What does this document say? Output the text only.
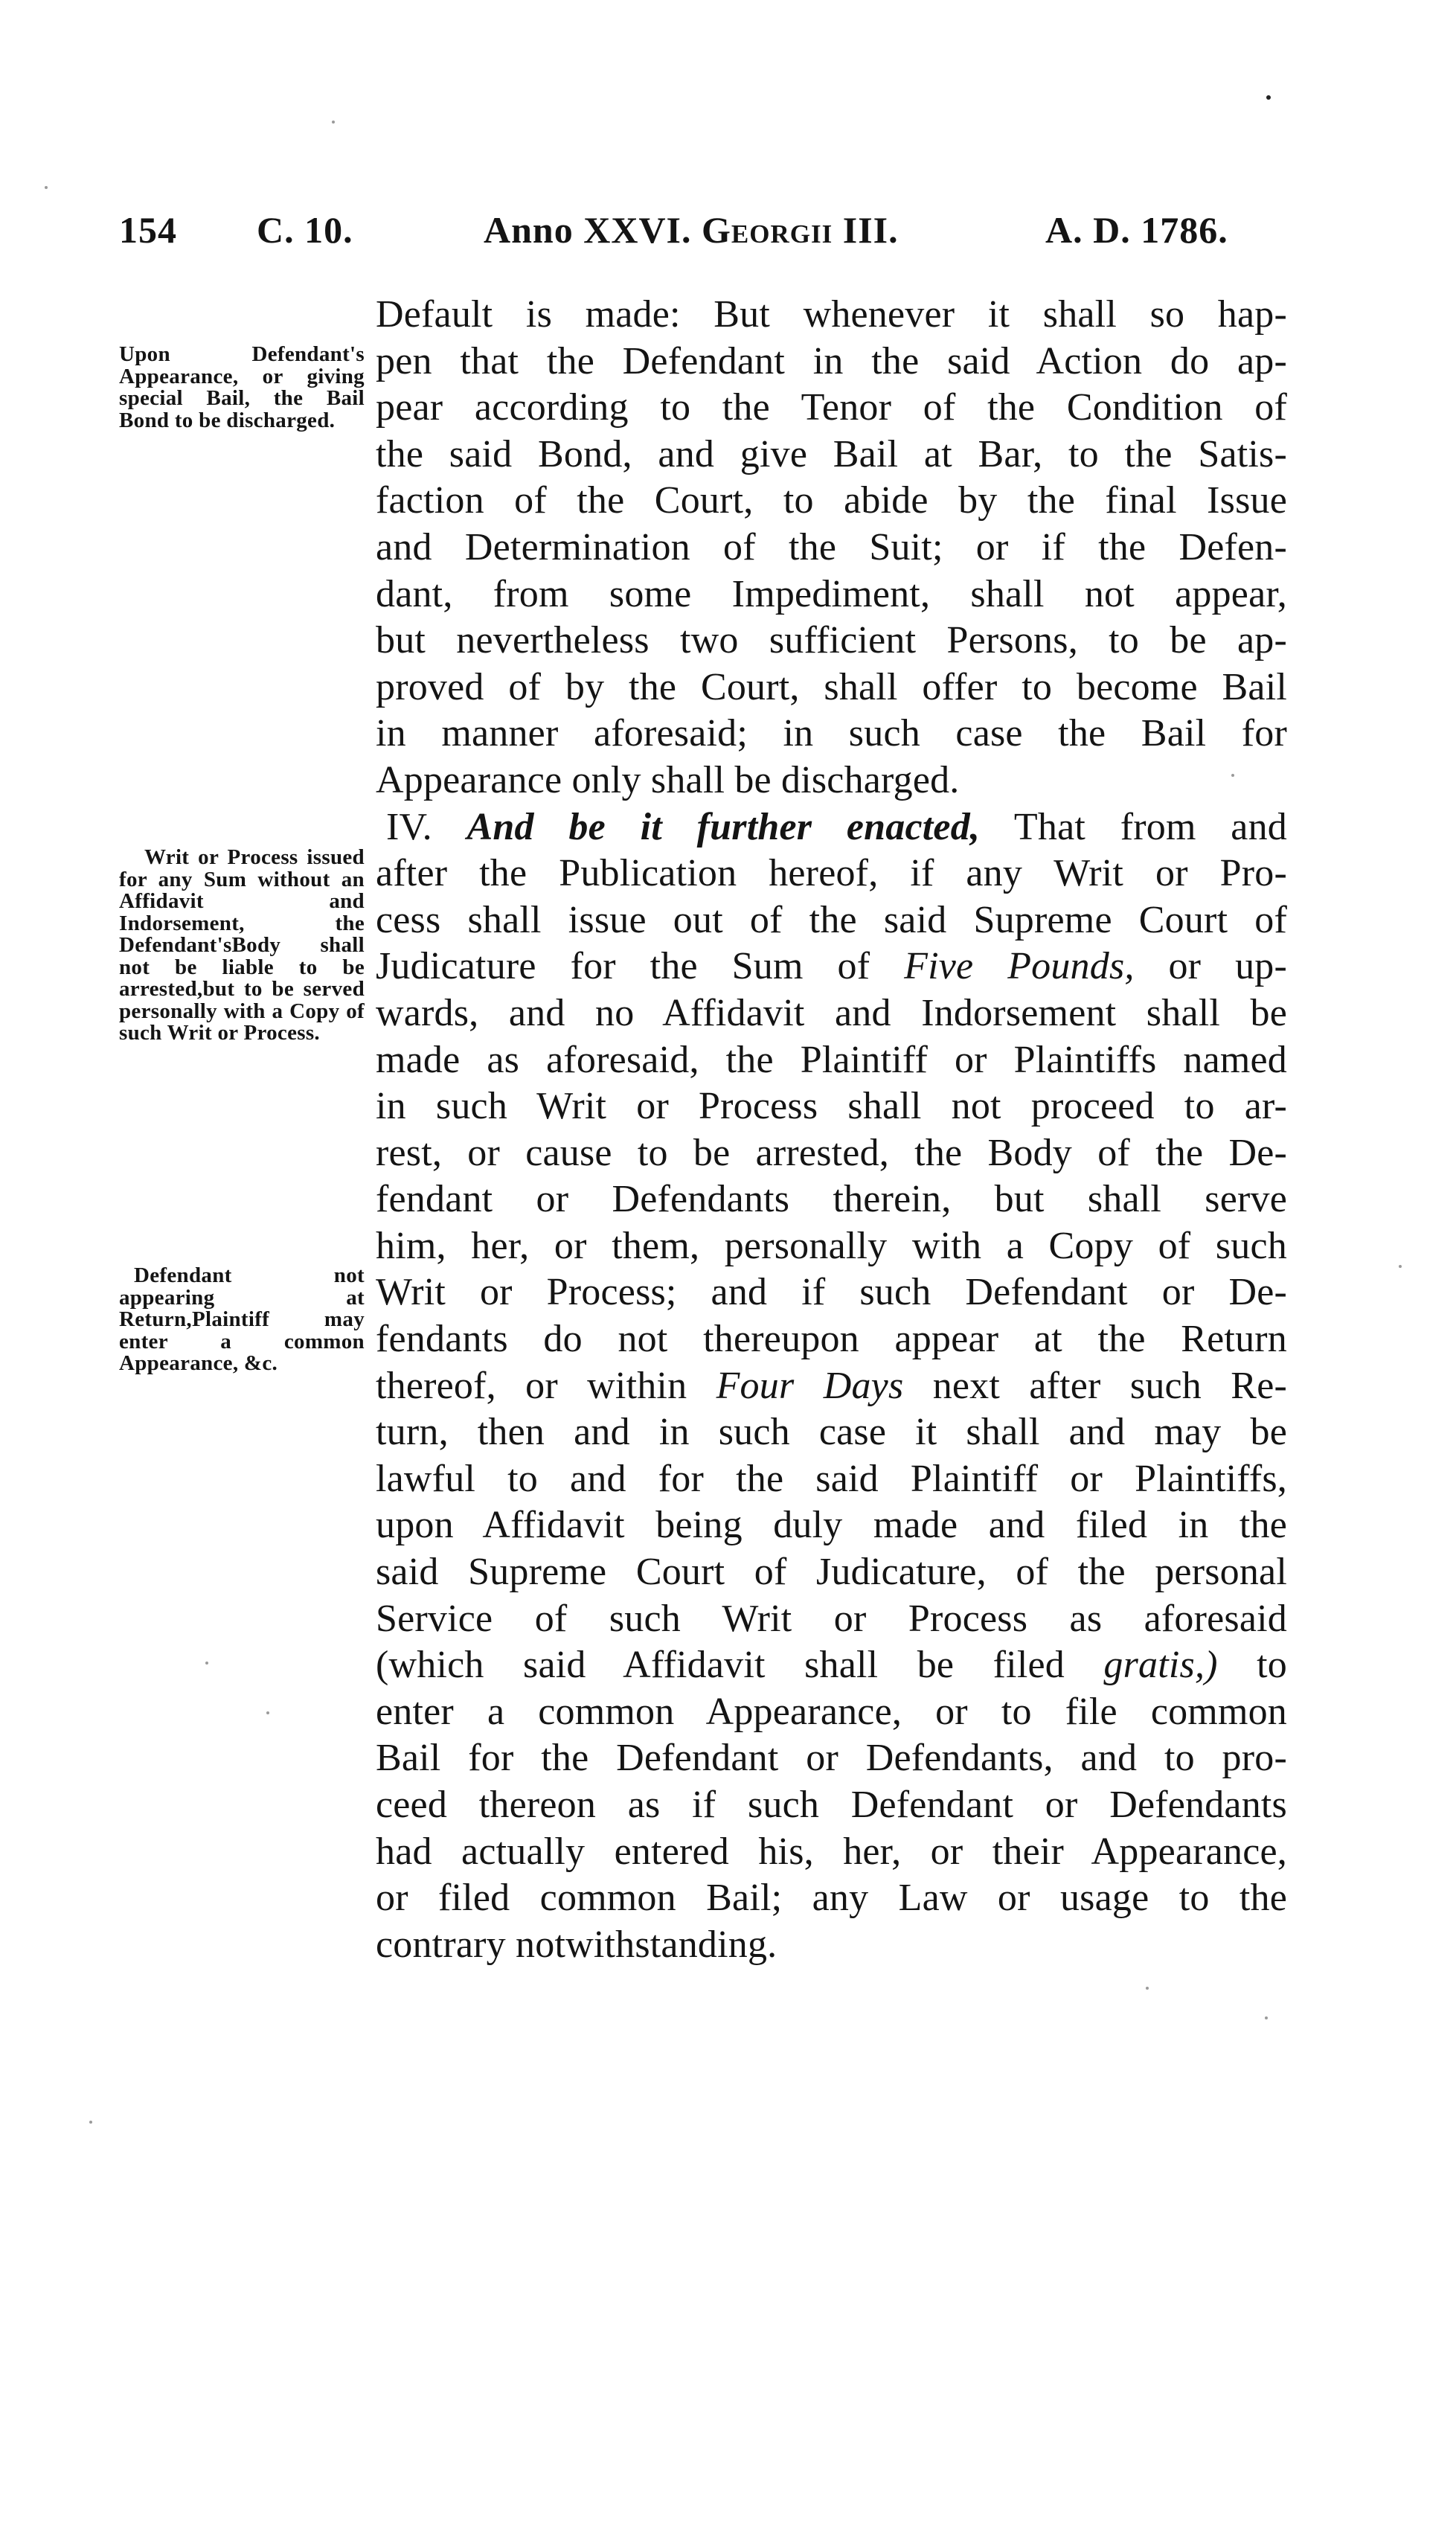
154 C. 10.	Anno XXVI. Georgii III.	A. D. 1786.
Upon Defendant's Appearance, or giving special Bail, the Bail Bond to be discharged.
Writ or Process issued for any Sum without an Affidavit and Indorsement, the Defendant'sBody shall not be liable to be arrested,but to be served personally with a Copy of such Writ or Process.
Defendant not appearing at Return,Plaintiff may enter a common Appearance, &c.
Default is made: But whenever it shall so hap-
pen that the Defendant in the said Action do ap-
pear according to the Tenor of the Condition of
the said Bond, and give Bail at Bar, to the Satis-
faction of the Court, to abide by the final Issue
and Determination of the Suit; or if the Defen-
dant, from some Impediment, shall not appear,
but nevertheless two sufficient Persons, to be ap-
proved of by the Court, shall offer to become Bail
in manner aforesaid; in such case the Bail for
Appearance only shall be discharged.
IV. And be it further enacted, That from and
after the Publication hereof, if any Writ or Pro-
cess shall issue out of the said Supreme Court of
Judicature for the Sum of Five Pounds, or up-
wards, and no Affidavit and Indorsement shall be
made as aforesaid, the Plaintiff or Plaintiffs named
in such Writ or Process shall not proceed to ar-
rest, or cause to be arrested, the Body of the De-
fendant or Defendants therein, but shall serve
him, her, or them, personally with a Copy of such
Writ or Process; and if such Defendant or De-
fendants do not thereupon appear at the Return
thereof, or within Four Days next after such Re-
turn, then and in such case it shall and may be
lawful to and for the said Plaintiff or Plaintiffs,
upon Affidavit being duly made and filed in the
said Supreme Court of Judicature, of the personal
Service of such Writ or Process as aforesaid
(which said Affidavit shall be filed gratis,) to
enter a common Appearance, or to file common
Bail for the Defendant or Defendants, and to pro-
ceed thereon as if such Defendant or Defendants
had actually entered his, her, or their Appearance,
or filed common Bail; any Law or usage to the
contrary notwithstanding.
